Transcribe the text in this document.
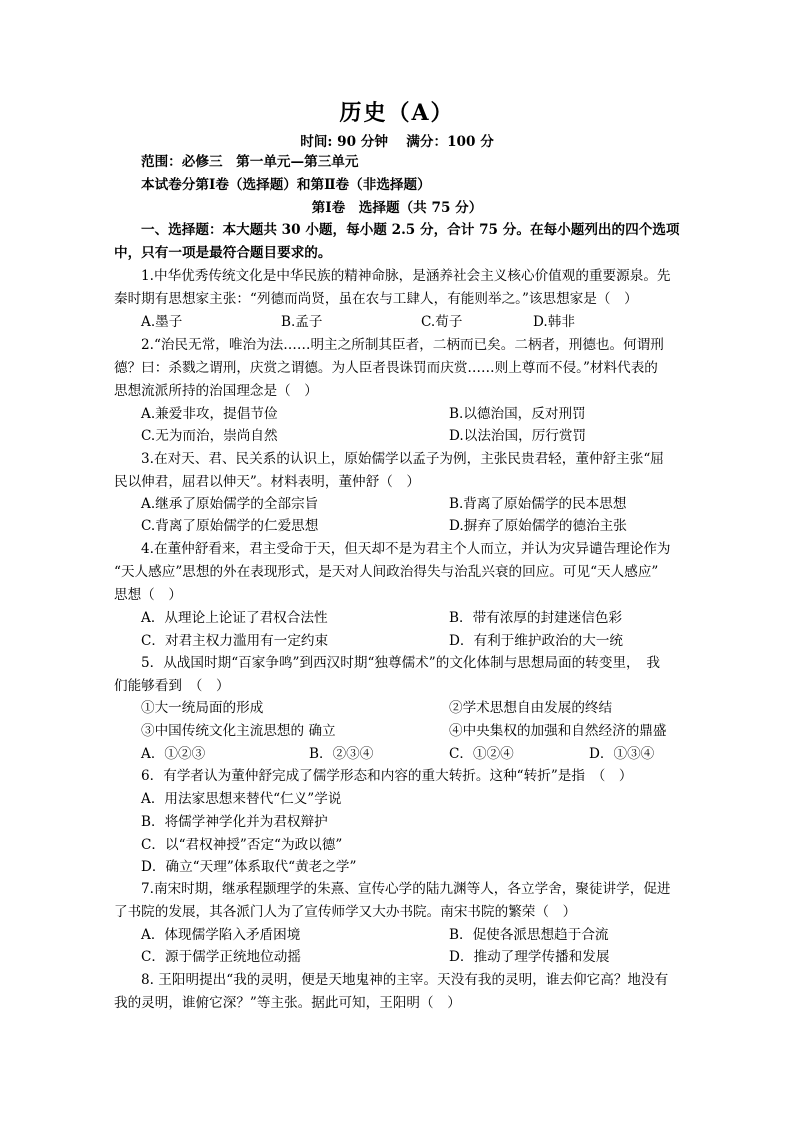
历史（A）
时间: 90 分钟　 满分：100 分
范围：必修三　第一单元—第三单元
本试卷分第Ⅰ卷（选择题）和第Ⅱ卷（非选择题）
第Ⅰ卷　选择题（共 75 分）
一、选择题：本大题共 30 小题，每小题 2.5 分，合计 75 分。在每小题列出的四个选项
中，只有一项是最符合题目要求的。
1.中华优秀传统文化是中华民族的精神命脉，是涵养社会主义核心价值观的重要源泉。先
秦时期有思想家主张：“列德而尚贤，虽在农与工肆人，有能则举之。”该思想家是（　）
A.墨子	B.孟子	C.荀子	D.韩非
2.“治民无常，唯治为法……明主之所制其臣者，二柄而已矣。二柄者，刑德也。何谓刑
德？曰：杀戮之谓刑，庆赏之谓德。为人臣者畏诛罚而庆赏……则上尊而不侵。”材料代表的
思想流派所持的治国理念是（　）
A.兼爱非攻，提倡节俭	B.以德治国，反对刑罚
C.无为而治，崇尚自然	D.以法治国，厉行赏罚
3.在对天、君、民关系的认识上，原始儒学以孟子为例，主张民贵君轻，董仲舒主张“屈
民以伸君，屈君以伸天”。材料表明，董仲舒（　）
A.继承了原始儒学的全部宗旨	B.背离了原始儒学的民本思想
C.背离了原始儒学的仁爱思想	D.摒弃了原始儒学的德治主张
4.在董仲舒看来，君主受命于天，但天却不是为君主个人而立，并认为灾异谴告理论作为
“天人感应”思想的外在表现形式，是天对人间政治得失与治乱兴衰的回应。可见“天人感应”
思想（　）
A．从理论上论证了君权合法性	B．带有浓厚的封建迷信色彩
C．对君主权力滥用有一定约束	D．有利于维护政治的大一统
5．从战国时期“百家争鸣”到西汉时期“独尊儒术”的文化体制与思想局面的转变里，　我
们能够看到　（　）
①大一统局面的形成	②学术思想自由发展的终结
③中国传统文化主流思想的 确立	④中央集权的加强和自然经济的鼎盛
A．①②③	B．②③④	C．①②④	D．①③④
6．有学者认为董仲舒完成了儒学形态和内容的重大转折。这种“转折”是指　（　）
A．用法家思想来替代“仁义”学说
B．将儒学神学化并为君权辩护
C．以“君权神授”否定“为政以德”
D．确立“天理”体系取代“黄老之学”
7.南宋时期，继承程颢理学的朱熹、宣传心学的陆九渊等人，各立学舍，聚徒讲学，促进
了书院的发展，其各派门人为了宣传师学又大办书院。南宋书院的繁荣（　）
A．体现儒学陷入矛盾困境	B．促使各派思想趋于合流
C．源于儒学正统地位动摇	D．推动了理学传播和发展
8. 王阳明提出“我的灵明，便是天地鬼神的主宰。天没有我的灵明，谁去仰它高？地没有
我的灵明，谁俯它深？”等主张。据此可知，王阳明（　）
